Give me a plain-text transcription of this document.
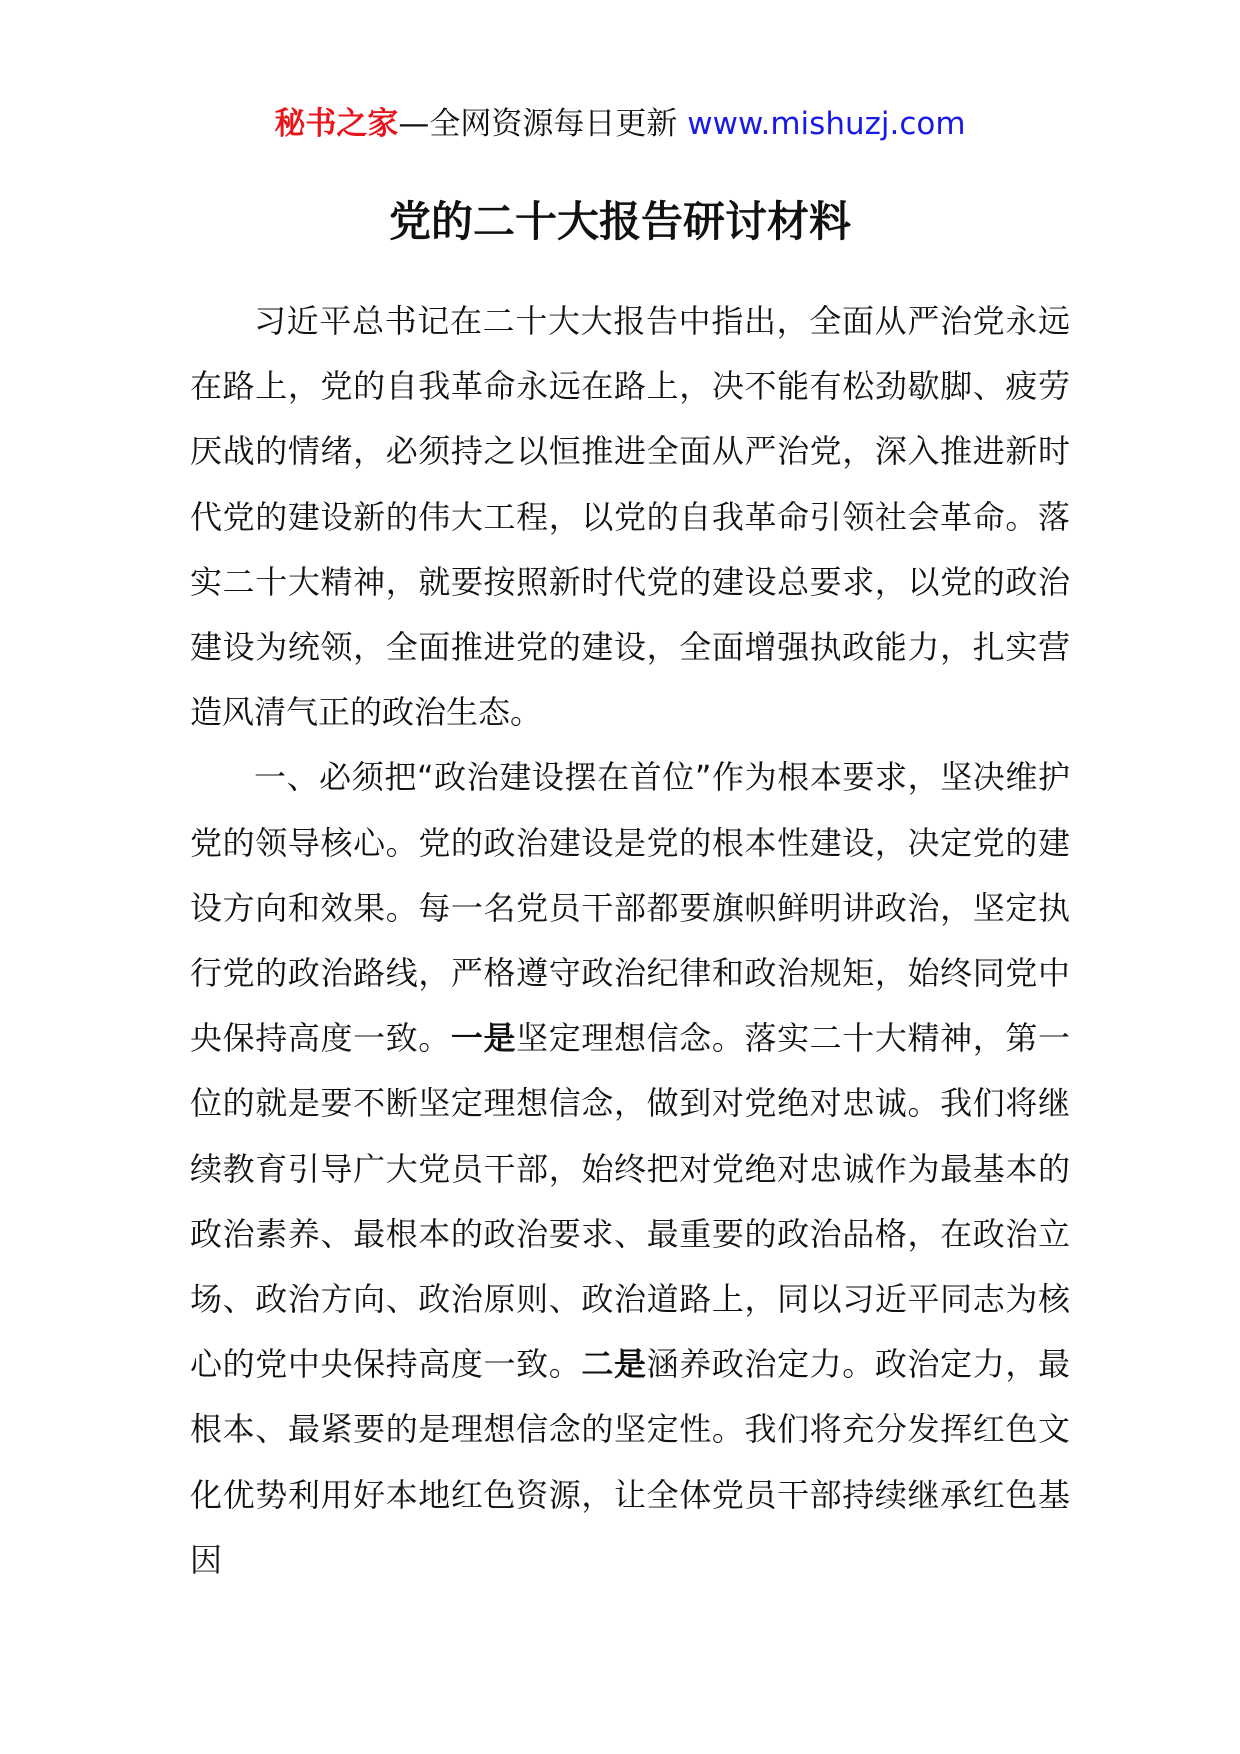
秘书之家—全网资源每日更新 www.mishuzj.com
党的二十大报告研讨材料

习近平总书记在二十大大报告中指出，全面从严治党永远在路上，党的自我革命永远在路上，决不能有松劲歇脚、疲劳厌战的情绪，必须持之以恒推进全面从严治党，深入推进新时代党的建设新的伟大工程，以党的自我革命引领社会革命。落实二十大精神，就要按照新时代党的建设总要求，以党的政治建设为统领，全面推进党的建设，全面增强执政能力，扎实营造风清气正的政治生态。

一、必须把“政治建设摆在首位”作为根本要求，坚决维护党的领导核心。党的政治建设是党的根本性建设，决定党的建设方向和效果。每一名党员干部都要旗帜鲜明讲政治，坚定执行党的政治路线，严格遵守政治纪律和政治规矩，始终同党中央保持高度一致。一是坚定理想信念。落实二十大精神，第一位的就是要不断坚定理想信念，做到对党绝对忠诚。我们将继续教育引导广大党员干部，始终把对党绝对忠诚作为最基本的政治素养、最根本的政治要求、最重要的政治品格，在政治立场、政治方向、政治原则、政治道路上，同以习近平同志为核心的党中央保持高度一致。二是涵养政治定力。政治定力，最根本、最紧要的是理想信念的坚定性。我们将充分发挥红色文化优势利用好本地红色资源，让全体党员干部持续继承红色基因
